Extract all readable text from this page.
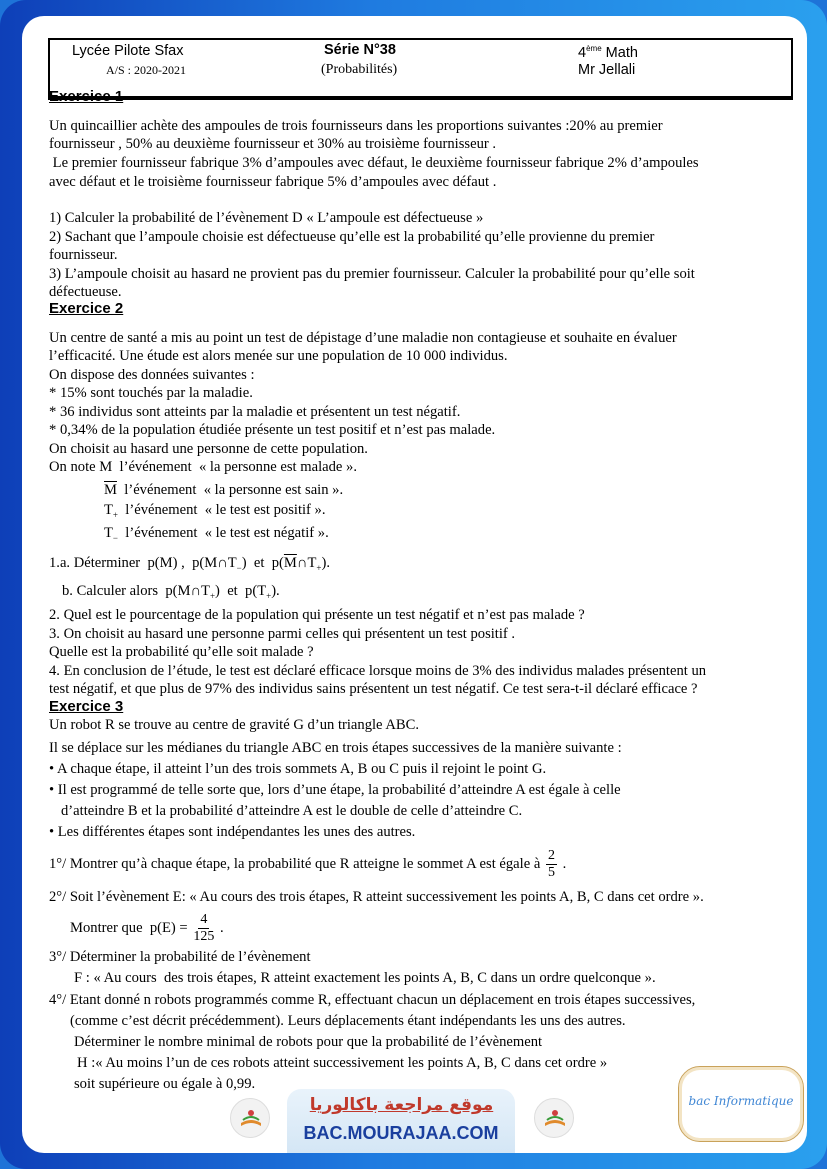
Lycée Pilote Sfax
A/S : 2020-2021
Série N°38
(Probabilités)
4ème Math
Mr Jellali
Exercice 1
Un quincaillier achète des ampoules de trois fournisseurs dans les proportions suivantes :20% au premier
fournisseur , 50% au deuxième fournisseur et 30% au troisième fournisseur .
Le premier fournisseur fabrique 3% d’ampoules avec défaut, le deuxième fournisseur fabrique 2% d’ampoules
avec défaut et le troisième fournisseur fabrique 5% d’ampoules avec défaut .
1) Calculer la probabilité de l’évènement D « L’ampoule est défectueuse »
2) Sachant que l’ampoule choisie est défectueuse qu’elle est la probabilité qu’elle provienne du premier
fournisseur.
3) L’ampoule choisit au hasard ne provient pas du premier fournisseur. Calculer la probabilité pour qu’elle soit
défectueuse.
Exercice 2
Un centre de santé a mis au point un test de dépistage d’une maladie non contagieuse et souhaite en évaluer
l’efficacité. Une étude est alors menée sur une population de 10 000 individus.
On dispose des données suivantes :
* 15% sont touchés par la maladie.
* 36 individus sont atteints par la maladie et présentent un test négatif.
* 0,34% de la population étudiée présente un test positif et n’est pas malade.
On choisit au hasard une personne de cette population.
On note M  l’événement  « la personne est malade ».
$\overline{M}$ l’événement  « la personne est sain ».
$T_+$ l’événement  « le test est positif ».
$T_-$ l’événement  « le test est négatif ».
1.a. Déterminer p(M) , $p(M\cap T_-)$  et $p(\overline{M}\cap T_+)$.
b. Calculer alors $p(M\cap T_+)$  et $p(T_+)$.
2. Quel est le pourcentage de la population qui présente un test négatif et n’est pas malade ?
3. On choisit au hasard une personne parmi celles qui présentent un test positif .
Quelle est la probabilité qu’elle soit malade ?
4. En conclusion de l’étude, le test est déclaré efficace lorsque moins de 3% des individus malades présentent un
test négatif, et que plus de 97% des individus sains présentent un test négatif. Ce test sera-t-il déclaré efficace ?
Exercice 3
Un robot R se trouve au centre de gravité G d’un triangle ABC.
Il se déplace sur les médianes du triangle ABC en trois étapes successives de la manière suivante :
• A chaque étape, il atteint l’un des trois sommets A, B ou C puis il rejoint le point G.
• Il est programmé de telle sorte que, lors d’une étape, la probabilité d’atteindre A est égale à celle
d’atteindre B et la probabilité d’atteindre A est le double de celle d’atteindre C.
• Les différentes étapes sont indépendantes les unes des autres.
1°/ Montrer qu’à chaque étape, la probabilité que R atteigne le sommet A est égale à $\frac{2}{5}$ .
2°/ Soit l’évènement E: « Au cours des trois étapes, R atteint successivement les points A, B, C dans cet ordre ».
Montrer que $p(E) = \frac{4}{125}$ .
3°/ Déterminer la probabilité de l’évènement
F : « Au cours  des trois étapes, R atteint exactement les points A, B, C dans un ordre quelconque ».
4°/ Etant donné n robots programmés comme R, effectuant chacun un déplacement en trois étapes successives,
(comme c’est décrit précédemment). Leurs déplacements étant indépendants les uns des autres.
Déterminer le nombre minimal de robots pour que la probabilité de l’évènement
H :« Au moins l’un de ces robots atteint successivement les points A, B, C dans cet ordre »
soit supérieure ou égale à 0,99.
موقع مراجعة باكالوريا
BAC.MOURAJAA.COM
bac Informatique
